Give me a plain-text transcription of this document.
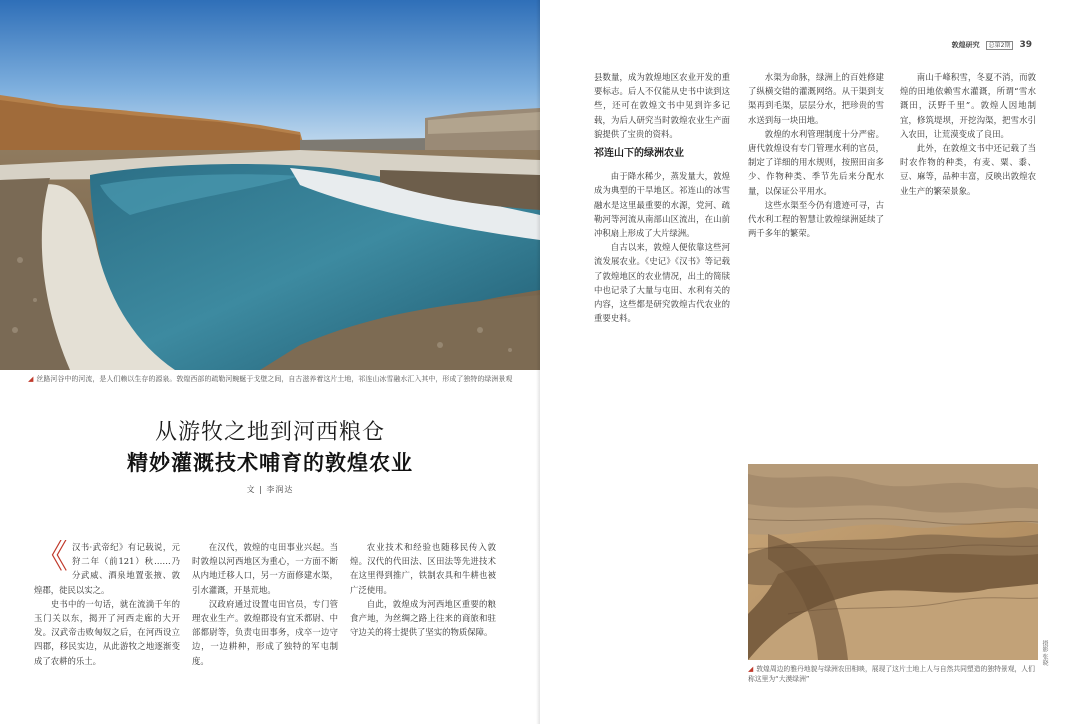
◢ 丝路河谷中的河流，是人们赖以生存的源泉。敦煌西部的疏勒河蜿蜒于戈壁之间，自古滋养着这片土地，祁连山冰雪融水汇入其中，形成了独特的绿洲景观
从游牧之地到河西粮仓
精妙灌溉技术哺育的敦煌农业
文 | 李润达
《 汉书·武帝纪》有记载说，元狩二年（前121）秋……乃分武威、酒泉地置张掖、敦煌郡，徙民以实之。

史书中的一句话，就在流淌千年的玉门关以东，揭开了河西走廊的大开发。汉武帝击败匈奴之后，在河西设立四郡，移民实边，从此游牧之地逐渐变成了农耕的乐土。

在汉代，敦煌的屯田事业兴起。当时敦煌以河西地区为重心，一方面不断从内地迁移人口，另一方面修建水渠，引水灌溉，开垦荒地。

汉政府通过设置屯田官员，专门管理农业生产。敦煌郡设有宜禾都尉、中部都尉等，负责屯田事务，戍卒一边守边，一边耕种，形成了独特的军屯制度。

农业技术和经验也随移民传入敦煌。汉代的代田法、区田法等先进技术在这里得到推广，铁制农具和牛耕也被广泛使用。

自此，敦煌成为河西地区重要的粮食产地，为丝绸之路上往来的商旅和驻守边关的将士提供了坚实的物质保障。

敦煌研究	总第2期	39

县数量，成为敦煌地区农业开发的重要标志。后人不仅能从史书中读到这些，还可在敦煌文书中见到许多记载，为后人研究当时敦煌农业生产面貌提供了宝贵的资料。

祁连山下的绿洲农业

由于降水稀少，蒸发量大，敦煌成为典型的干旱地区。祁连山的冰雪融水是这里最重要的水源，党河、疏勒河等河流从南部山区流出，在山前冲积扇上形成了大片绿洲。

自古以来，敦煌人便依靠这些河流发展农业。《史记》《汉书》等记载了敦煌地区的农业情况，出土的简牍中也记录了大量与屯田、水利有关的内容，这些都是研究敦煌古代农业的重要史料。

水渠为命脉，绿洲上的百姓修建了纵横交错的灌溉网络。从干渠到支渠再到毛渠，层层分水，把珍贵的雪水送到每一块田地。

敦煌的水利管理制度十分严密。唐代敦煌设有专门管理水利的官员，制定了详细的用水规则，按照田亩多少、作物种类、季节先后来分配水量，以保证公平用水。

这些水渠至今仍有遗迹可寻，古代水利工程的智慧让敦煌绿洲延续了两千多年的繁荣。

南山千峰积雪，冬夏不消，而敦煌的田地依赖雪水灌溉，所谓“雪水溉田，沃野千里”。敦煌人因地制宜，修筑堤坝，开挖沟渠，把雪水引入农田，让荒漠变成了良田。

此外，在敦煌文书中还记载了当时农作物的种类，有麦、粟、黍、豆、麻等，品种丰富，反映出敦煌农业生产的繁荣景象。

摄影 张晓
◢ 敦煌周边的雅丹地貌与绿洲农田相映，展现了这片土地上人与自然共同塑造的独特景观，人们称这里为“大漠绿洲”
